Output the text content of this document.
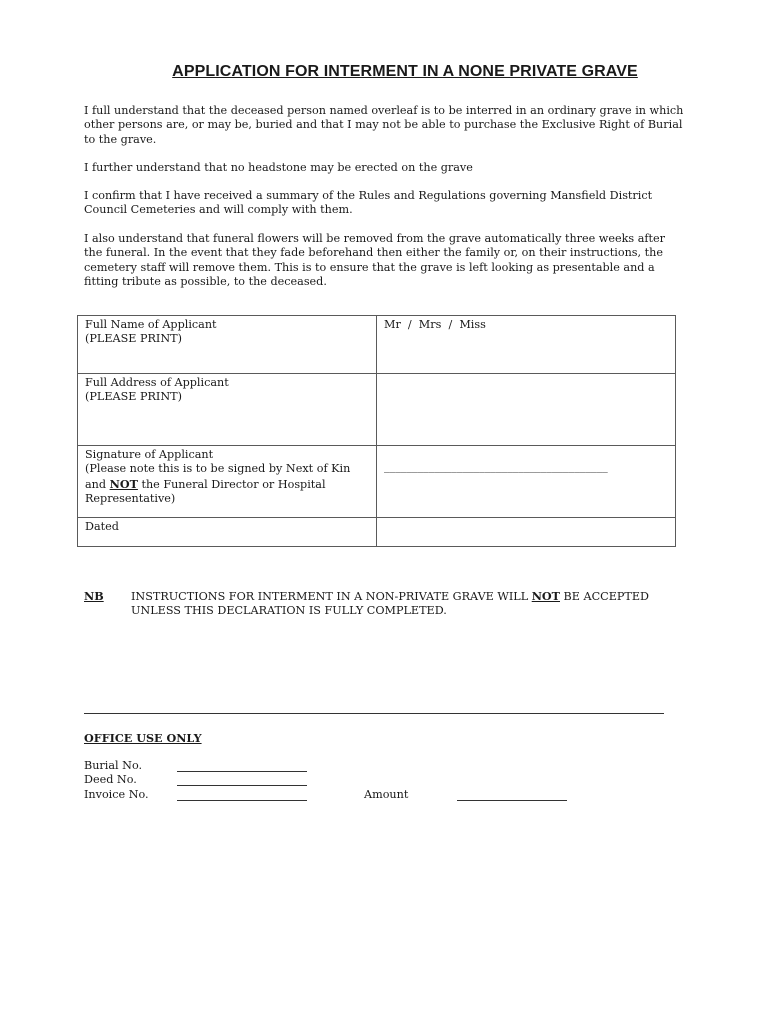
APPLICATION FOR INTERMENT IN A NONE PRIVATE GRAVE

I full understand that the deceased person named overleaf is to be interred in an ordinary grave in which other persons are, or may be, buried and that I may not be able to purchase the Exclusive Right of Burial to the grave.

I further understand that no headstone may be erected on the grave

I confirm that I have received a summary of the Rules and Regulations governing Mansfield District Council Cemeteries and will comply with them.

I also understand that funeral flowers will be removed from the grave automatically three weeks after the funeral. In the event that they fade beforehand then either the family or, on their instructions, the cemetery staff will remove them. This is to ensure that the grave is left looking as presentable and a fitting tribute as possible, to the deceased.

Full Name of Applicant
(PLEASE PRINT)	Mr  /  Mrs  /  Miss
Full Address of Applicant
(PLEASE PRINT)	
Signature of Applicant
(Please note this is to be signed by Next of Kin and NOT the Funeral Director or Hospital Representative)	________________________________________

Dated	
NB INSTRUCTIONS FOR INTERMENT IN A NON-PRIVATE GRAVE WILL NOT BE ACCEPTED UNLESS THIS DECLARATION IS FULLY COMPLETED.

OFFICE USE ONLY
Burial No.
Deed No.
Invoice No.	Amount
